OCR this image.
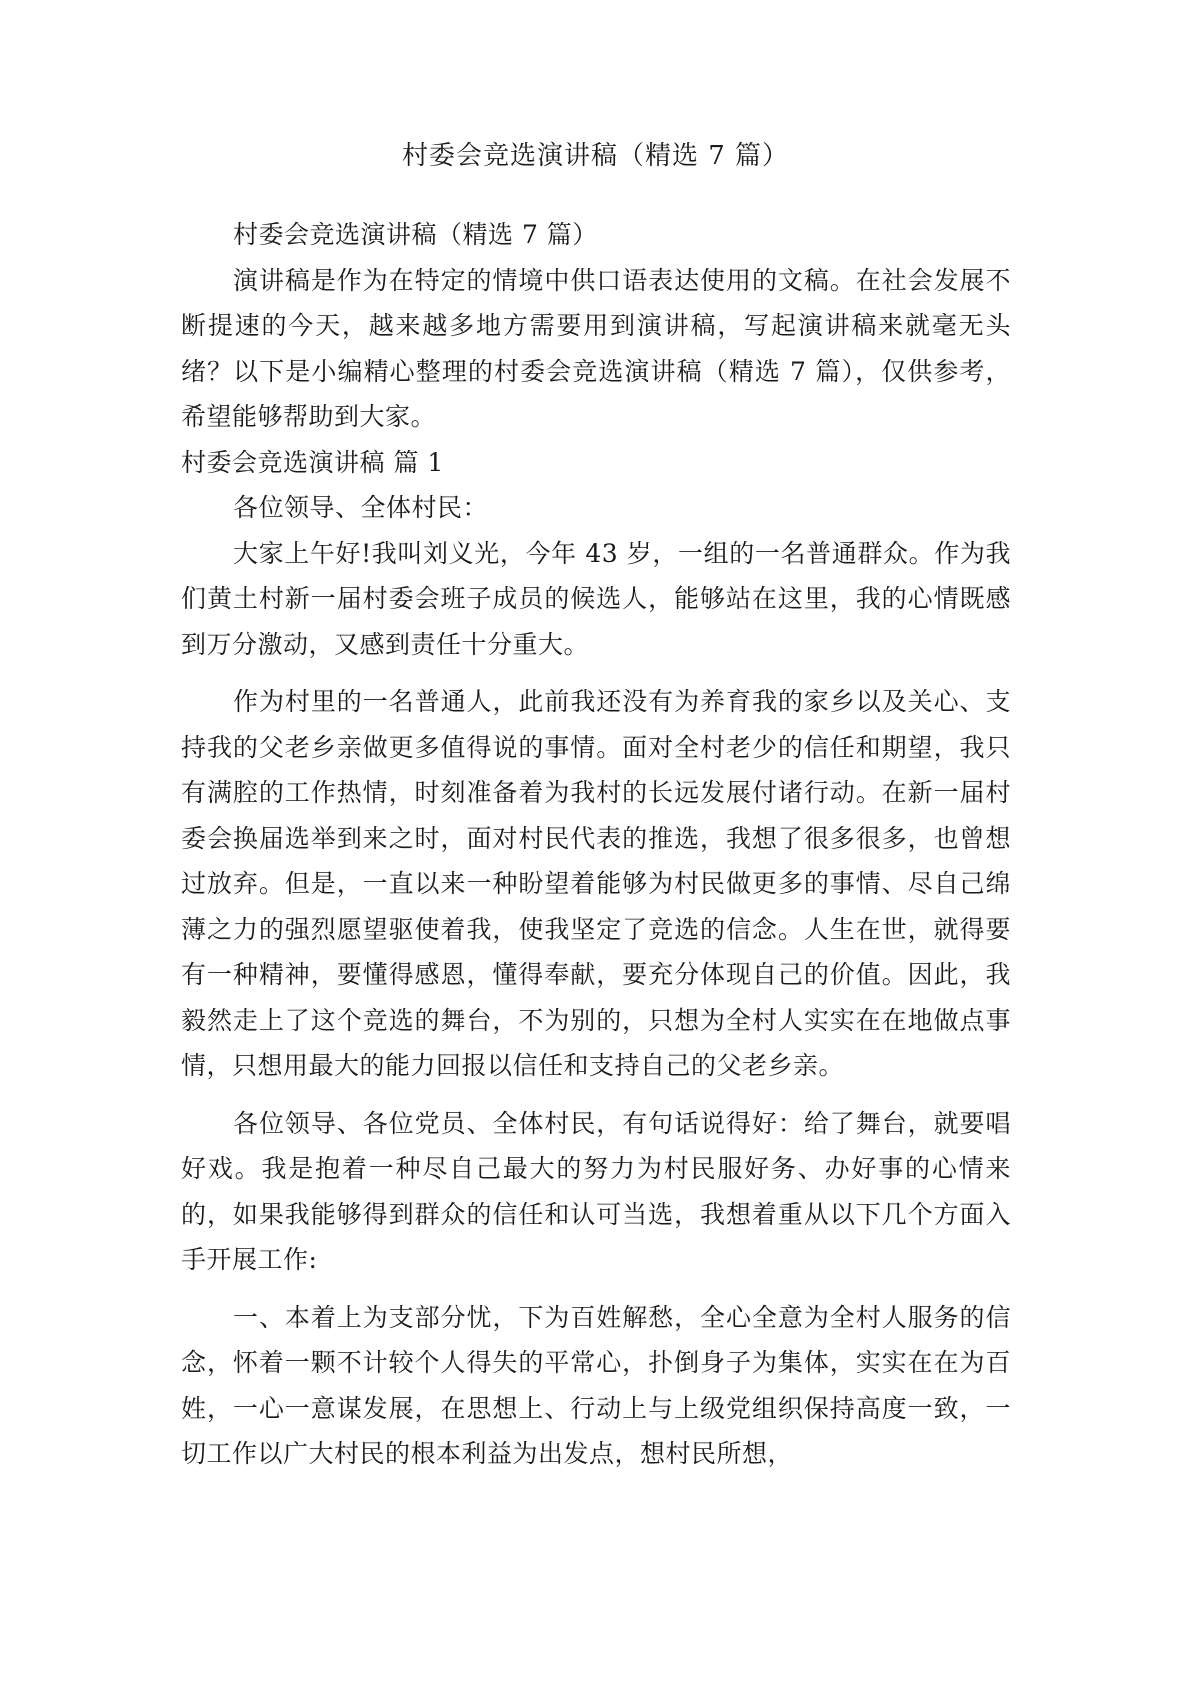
村委会竞选演讲稿（精选 7 篇）

村委会竞选演讲稿（精选 7 篇）

演讲稿是作为在特定的情境中供口语表达使用的文稿。在社会发展不断提速的今天，越来越多地方需要用到演讲稿，写起演讲稿来就毫无头绪？以下是小编精心整理的村委会竞选演讲稿（精选 7 篇），仅供参考，希望能够帮助到大家。

村委会竞选演讲稿 篇 1

各位领导、全体村民：

大家上午好!我叫刘义光，今年 43 岁，一组的一名普通群众。作为我们黄土村新一届村委会班子成员的候选人，能够站在这里，我的心情既感到万分激动，又感到责任十分重大。

作为村里的一名普通人，此前我还没有为养育我的家乡以及关心、支持我的父老乡亲做更多值得说的事情。面对全村老少的信任和期望，我只有满腔的工作热情，时刻准备着为我村的长远发展付诸行动。在新一届村委会换届选举到来之时，面对村民代表的推选，我想了很多很多，也曾想过放弃。但是，一直以来一种盼望着能够为村民做更多的事情、尽自己绵薄之力的强烈愿望驱使着我，使我坚定了竞选的信念。人生在世，就得要有一种精神，要懂得感恩，懂得奉献，要充分体现自己的价值。因此，我毅然走上了这个竞选的舞台，不为别的，只想为全村人实实在在地做点事情，只想用最大的能力回报以信任和支持自己的父老乡亲。

各位领导、各位党员、全体村民，有句话说得好：给了舞台，就要唱好戏。我是抱着一种尽自己最大的努力为村民服好务、办好事的心情来的，如果我能够得到群众的信任和认可当选，我想着重从以下几个方面入手开展工作:

一、本着上为支部分忧，下为百姓解愁，全心全意为全村人服务的信念，怀着一颗不计较个人得失的平常心，扑倒身子为集体，实实在在为百姓，一心一意谋发展，在思想上、行动上与上级党组织保持高度一致，一切工作以广大村民的根本利益为出发点，想村民所想，
